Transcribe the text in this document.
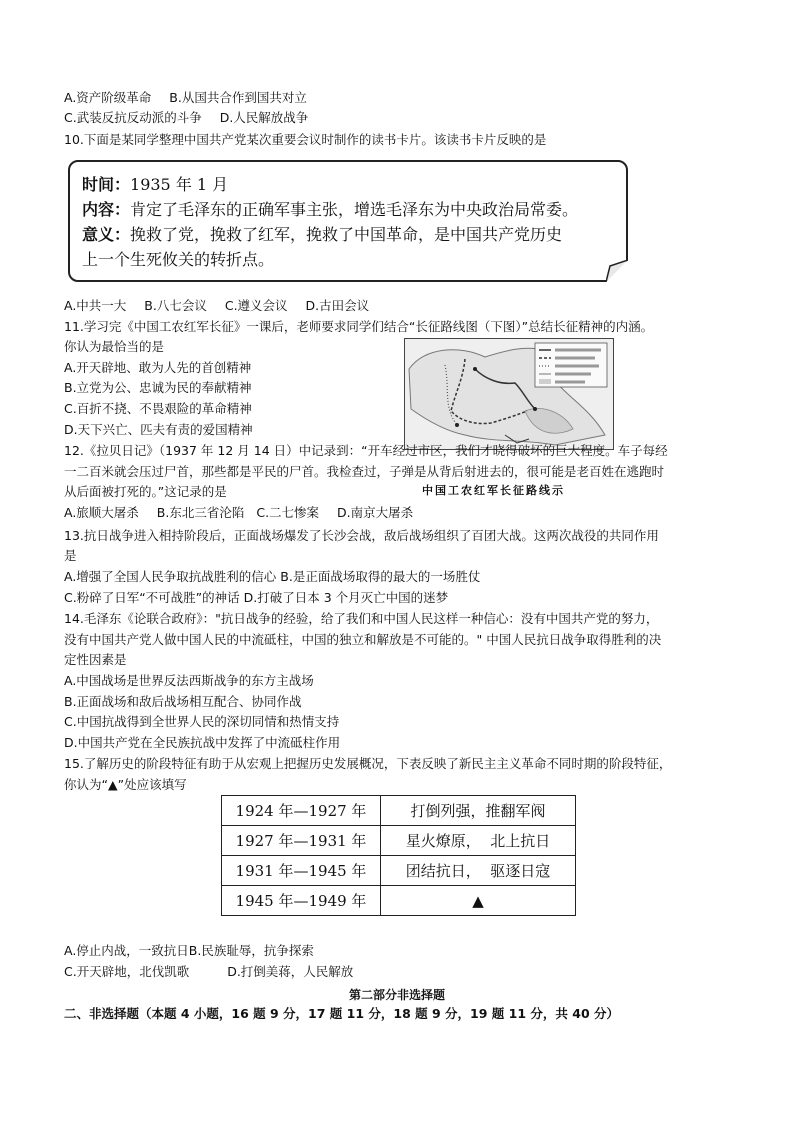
A.资产阶级革命 B.从国共合作到国共对立
C.武装反抗反动派的斗争 D.人民解放战争
10.下面是某同学整理中国共产党某次重要会议时制作的读书卡片。该读书卡片反映的是
时间：1935 年 1 月
内容：肯定了毛泽东的正确军事主张，增选毛泽东为中央政治局常委。
意义：挽救了党，挽救了红军，挽救了中国革命，是中国共产党历史
上一个生死攸关的转折点。
A.中共一大 B.八七会议 C.遵义会议 D.古田会议
11.学习完《中国工农红军长征》一课后，老师要求同学们结合“长征路线图（下图）”总结长征精神的内涵。
你认为最恰当的是
A.开天辟地、敢为人先的首创精神
B.立党为公、忠诚为民的奉献精神
C.百折不挠、不畏艰险的革命精神
D.天下兴亡、匹夫有责的爱国精神
12.《拉贝日记》（1937 年 12 月 14 日）中记录到：“开车经过市区，我们才晓得破坏的巨大程度。车子每经
一二百米就会压过尸首，那些都是平民的尸首。我检查过，子弹是从背后射进去的，很可能是老百姓在逃跑时
从后面被打死的。”这记录的是	中国工农红军长征路线示
A.旅顺大屠杀 B.东北三省沦陷 C.二七惨案 D.南京大屠杀
13.抗日战争进入相持阶段后，正面战场爆发了长沙会战，敌后战场组织了百团大战。这两次战役的共同作用
是
A.增强了全国人民争取抗战胜利的信心 B.是正面战场取得的最大的一场胜仗
C.粉碎了日军“不可战胜”的神话 D.打破了日本 3 个月灭亡中国的迷梦
14.毛泽东《论联合政府》："抗日战争的经验，给了我们和中国人民这样一种信心：没有中国共产党的努力，
没有中国共产党人做中国人民的中流砥柱，中国的独立和解放是不可能的。" 中国人民抗日战争取得胜利的决
定性因素是
A.中国战场是世界反法西斯战争的东方主战场
B.正面战场和敌后战场相互配合、协同作战
C.中国抗战得到全世界人民的深切同情和热情支持
D.中国共产党在全民族抗战中发挥了中流砥柱作用
15.了解历史的阶段特征有助于从宏观上把握历史发展概况，下表反映了新民主主义革命不同时期的阶段特征，
你认为“▲”处应该填写
1924 年—1927 年	打倒列强，推翻军阀
1927 年—1931 年	星火燎原，  北上抗日
1931 年—1945 年	团结抗日，  驱逐日寇
1945 年—1949 年	▲
A.停止内战，一致抗日B.民族耻辱，抗争探索
C.开天辟地，北伐凯歌	D.打倒美蒋，人民解放
第二部分非选择题
二、非选择题（本题 4 小题，16 题 9 分，17 题 11 分，18 题 9 分，19 题 11 分，共 40 分）
